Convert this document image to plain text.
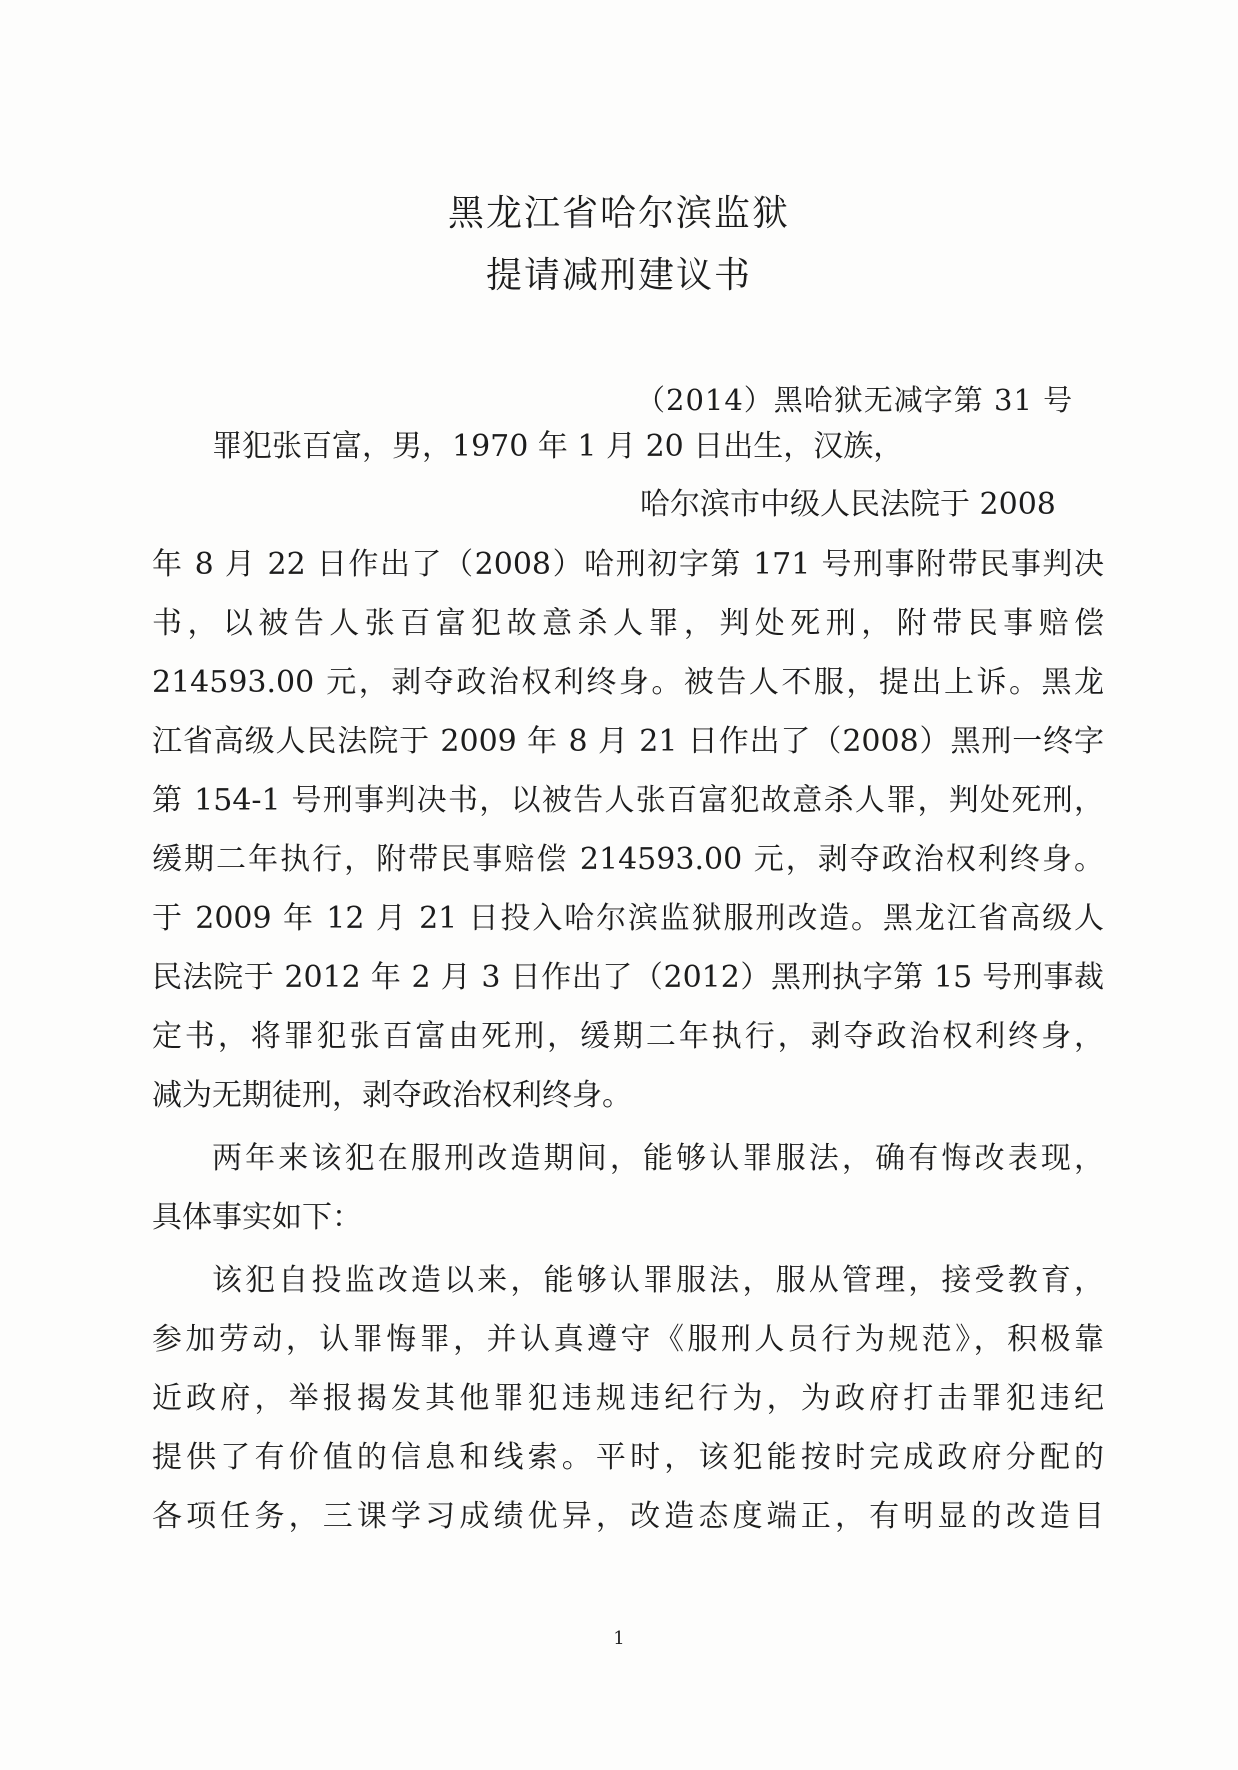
黑龙江省哈尔滨监狱
提请减刑建议书
（2014）黑哈狱无减字第 31 号
罪犯张百富，男，1970 年 1 月 20 日出生，汉族，
哈尔滨市中级人民法院于 2008
年 8 月 22 日作出了（2008）哈刑初字第 171 号刑事附带民事判决
书，以被告人张百富犯故意杀人罪，判处死刑，附带民事赔偿
214593.00 元，剥夺政治权利终身。被告人不服，提出上诉。黑龙
江省高级人民法院于 2009 年 8 月 21 日作出了（2008）黑刑一终字
第 154-1 号刑事判决书，以被告人张百富犯故意杀人罪，判处死刑，
缓期二年执行，附带民事赔偿 214593.00 元，剥夺政治权利终身。
于 2009 年 12 月 21 日投入哈尔滨监狱服刑改造。黑龙江省高级人
民法院于 2012 年 2 月 3 日作出了（2012）黑刑执字第 15 号刑事裁
定书，将罪犯张百富由死刑，缓期二年执行，剥夺政治权利终身，
减为无期徒刑，剥夺政治权利终身。
两年来该犯在服刑改造期间，能够认罪服法，确有悔改表现，
具体事实如下：
该犯自投监改造以来，能够认罪服法，服从管理，接受教育，
参加劳动，认罪悔罪，并认真遵守《服刑人员行为规范》，积极靠
近政府，举报揭发其他罪犯违规违纪行为，为政府打击罪犯违纪
提供了有价值的信息和线索。平时，该犯能按时完成政府分配的
各项任务，三课学习成绩优异，改造态度端正，有明显的改造目
1
